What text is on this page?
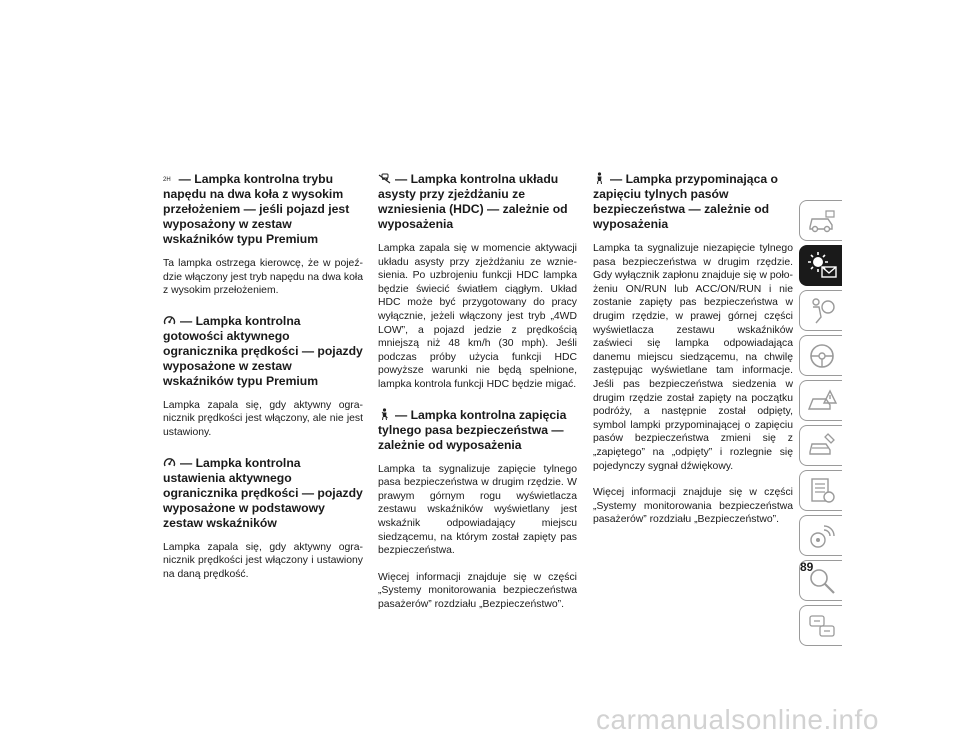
2H — Lampka kontrolna trybu napędu na dwa koła z wysokim przełożeniem — jeśli pojazd jest wyposażony w zestaw wskaźników typu Premium

Ta lampka ostrzega kierowcę, że w pojeździe włączony jest tryb napędu na dwa koła z wysokim przełożeniem.

— Lampka kontrolna gotowości aktywnego ogranicznika prędkości — pojazdy wyposażone w zestaw wskaźników typu Premium

Lampka zapala się, gdy aktywny ogranicznik prędkości jest włączony, ale nie jest ustawiony.

— Lampka kontrolna ustawienia aktywnego ogranicznika prędkości — pojazdy wyposażone w podstawowy zestaw wskaźników

Lampka zapala się, gdy aktywny ogranicznik prędkości jest włączony i ustawiony na daną prędkość.

— Lampka kontrolna układu asysty przy zjeżdżaniu ze wzniesienia (HDC) — zależnie od wyposażenia

Lampka zapala się w momencie aktywacji układu asysty przy zjeżdżaniu ze wzniesienia. Po uzbrojeniu funkcji HDC lampka będzie świecić światłem ciągłym. Układ HDC może być przygotowany do pracy wyłącznie, jeżeli włączony jest tryb „4WD LOW”, a pojazd jedzie z prędkością mniejszą niż 48 km/h (30 mph). Jeśli podczas próby użycia funkcji HDC powyższe warunki nie będą spełnione, lampka kontrola funkcji HDC będzie migać.

— Lampka kontrolna zapięcia tylnego pasa bezpieczeństwa — zależnie od wyposażenia

Lampka ta sygnalizuje zapięcie tylnego pasa bezpieczeństwa w drugim rzędzie. W prawym górnym rogu wyświetlacza zestawu wskaźników wyświetlany jest wskaźnik odpowiadający miejscu siedzącemu, na którym został zapięty pas bezpieczeństwa.

Więcej informacji znajduje się w części „Systemy monitorowania bezpieczeństwa pasażerów” rozdziału „Bezpieczeństwo”.

— Lampka przypominająca o zapięciu tylnych pasów bezpieczeństwa — zależnie od wyposażenia

Lampka ta sygnalizuje niezapięcie tylnego pasa bezpieczeństwa w drugim rzędzie. Gdy wyłącznik zapłonu znajduje się w położeniu ON/RUN lub ACC/ON/RUN i nie zostanie zapięty pas bezpieczeństwa w drugim rzędzie, w prawej górnej części wyświetlacza zestawu wskaźników zaświeci się lampka odpowiadająca danemu miejscu siedzącemu, na chwilę zastępując wyświetlane tam informacje. Jeśli pas bezpieczeństwa siedzenia w drugim rzędzie został zapięty na początku podróży, a następnie został odpięty, symbol lampki przypominającej o zapięciu pasów bezpieczeństwa zmieni się z „zapiętego” na „odpięty” i rozlegnie się pojedynczy sygnał dźwiękowy.

Więcej informacji znajduje się w części „Systemy monitorowania bezpieczeństwa pasażerów” rozdziału „Bezpieczeństwo”.

89
carmanualsonline.info
